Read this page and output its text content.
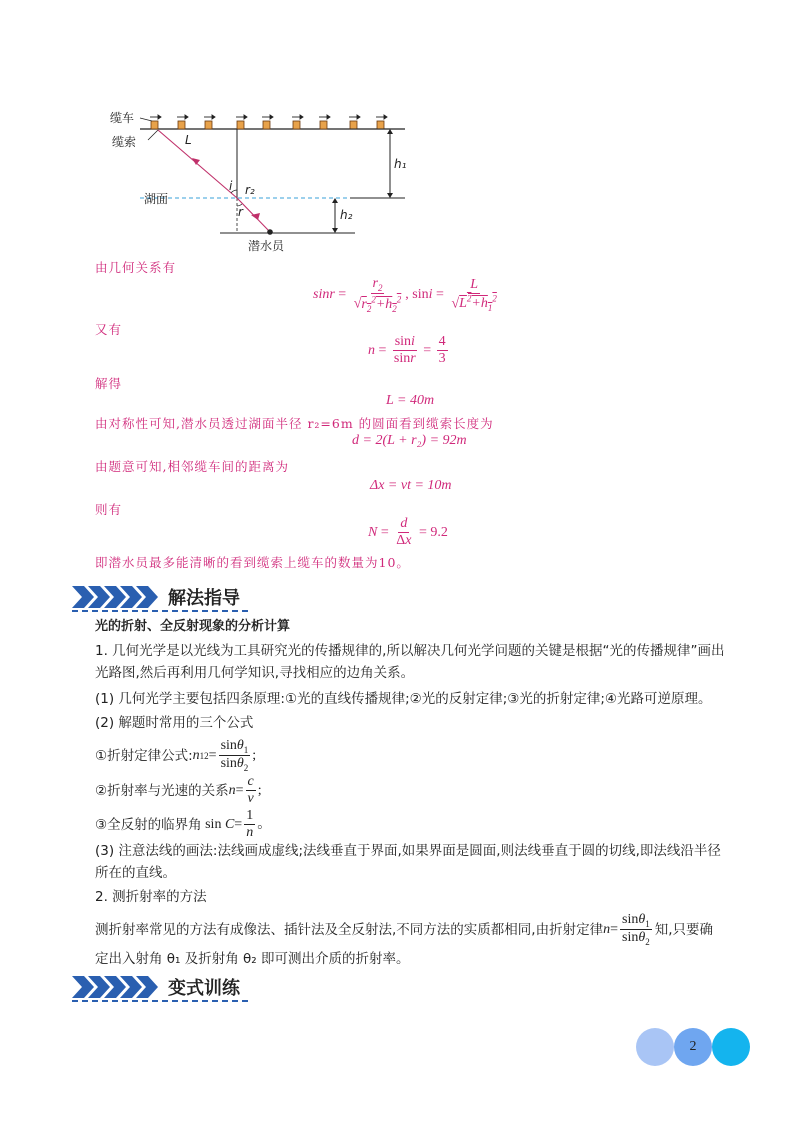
缆车
缆索	L
湖面
潜水员
h₁
h₂
i
r
r₂
由几何关系有
$\sin r = \frac{r_2}{√r_2^2+h_2^2}$ , $\sin i = \frac{L}{√L^2+h_1^2}$
又有
$n = \frac{\sin i}{\sin r} = \frac{4}{3}$
解得
L = 40m
由对称性可知,潜水员透过湖面半径 r₂=6m 的圆面看到缆索长度为
d = 2(L + r₂) = 92m
由题意可知,相邻缆车间的距离为
Δx = vt = 10m
则有
$N = \frac{d}{\Delta x} = 9.2$
即潜水员最多能清晰的看到缆索上缆车的数量为10。
解法指导
光的折射、全反射现象的分析计算
1. 几何光学是以光线为工具研究光的传播规律的,所以解决几何光学问题的关键是根据“光的传播规律”画出光路图,然后再利用几何学知识,寻找相应的边角关系。
(1) 几何光学主要包括四条原理:①光的直线传播规律;②光的反射定律;③光的折射定律;④光路可逆原理。
(2) 解题时常用的三个公式
①折射定律公式: n $12 = \frac{\sin\theta_1}{\sin\theta_2}$ ;
②折射率与光速的关系 $n = \frac{c}{v}$ ;
③全反射的临界角 $\sin C = \frac{1}{n}$ 。
(3) 注意法线的画法:法线画成虚线;法线垂直于界面,如果界面是圆面,则法线垂直于圆的切线,即法线沿半径所在的直线。
2. 测折射率的方法
测折射率常见的方法有成像法、插针法及全反射法,不同方法的实质都相同,由折射定律 $n = \frac{\sin\theta_1}{\sin\theta_2}$ 知,只要确
定出入射角 θ₁ 及折射角 θ₂ 即可测出介质的折射率。
变式训练
2
